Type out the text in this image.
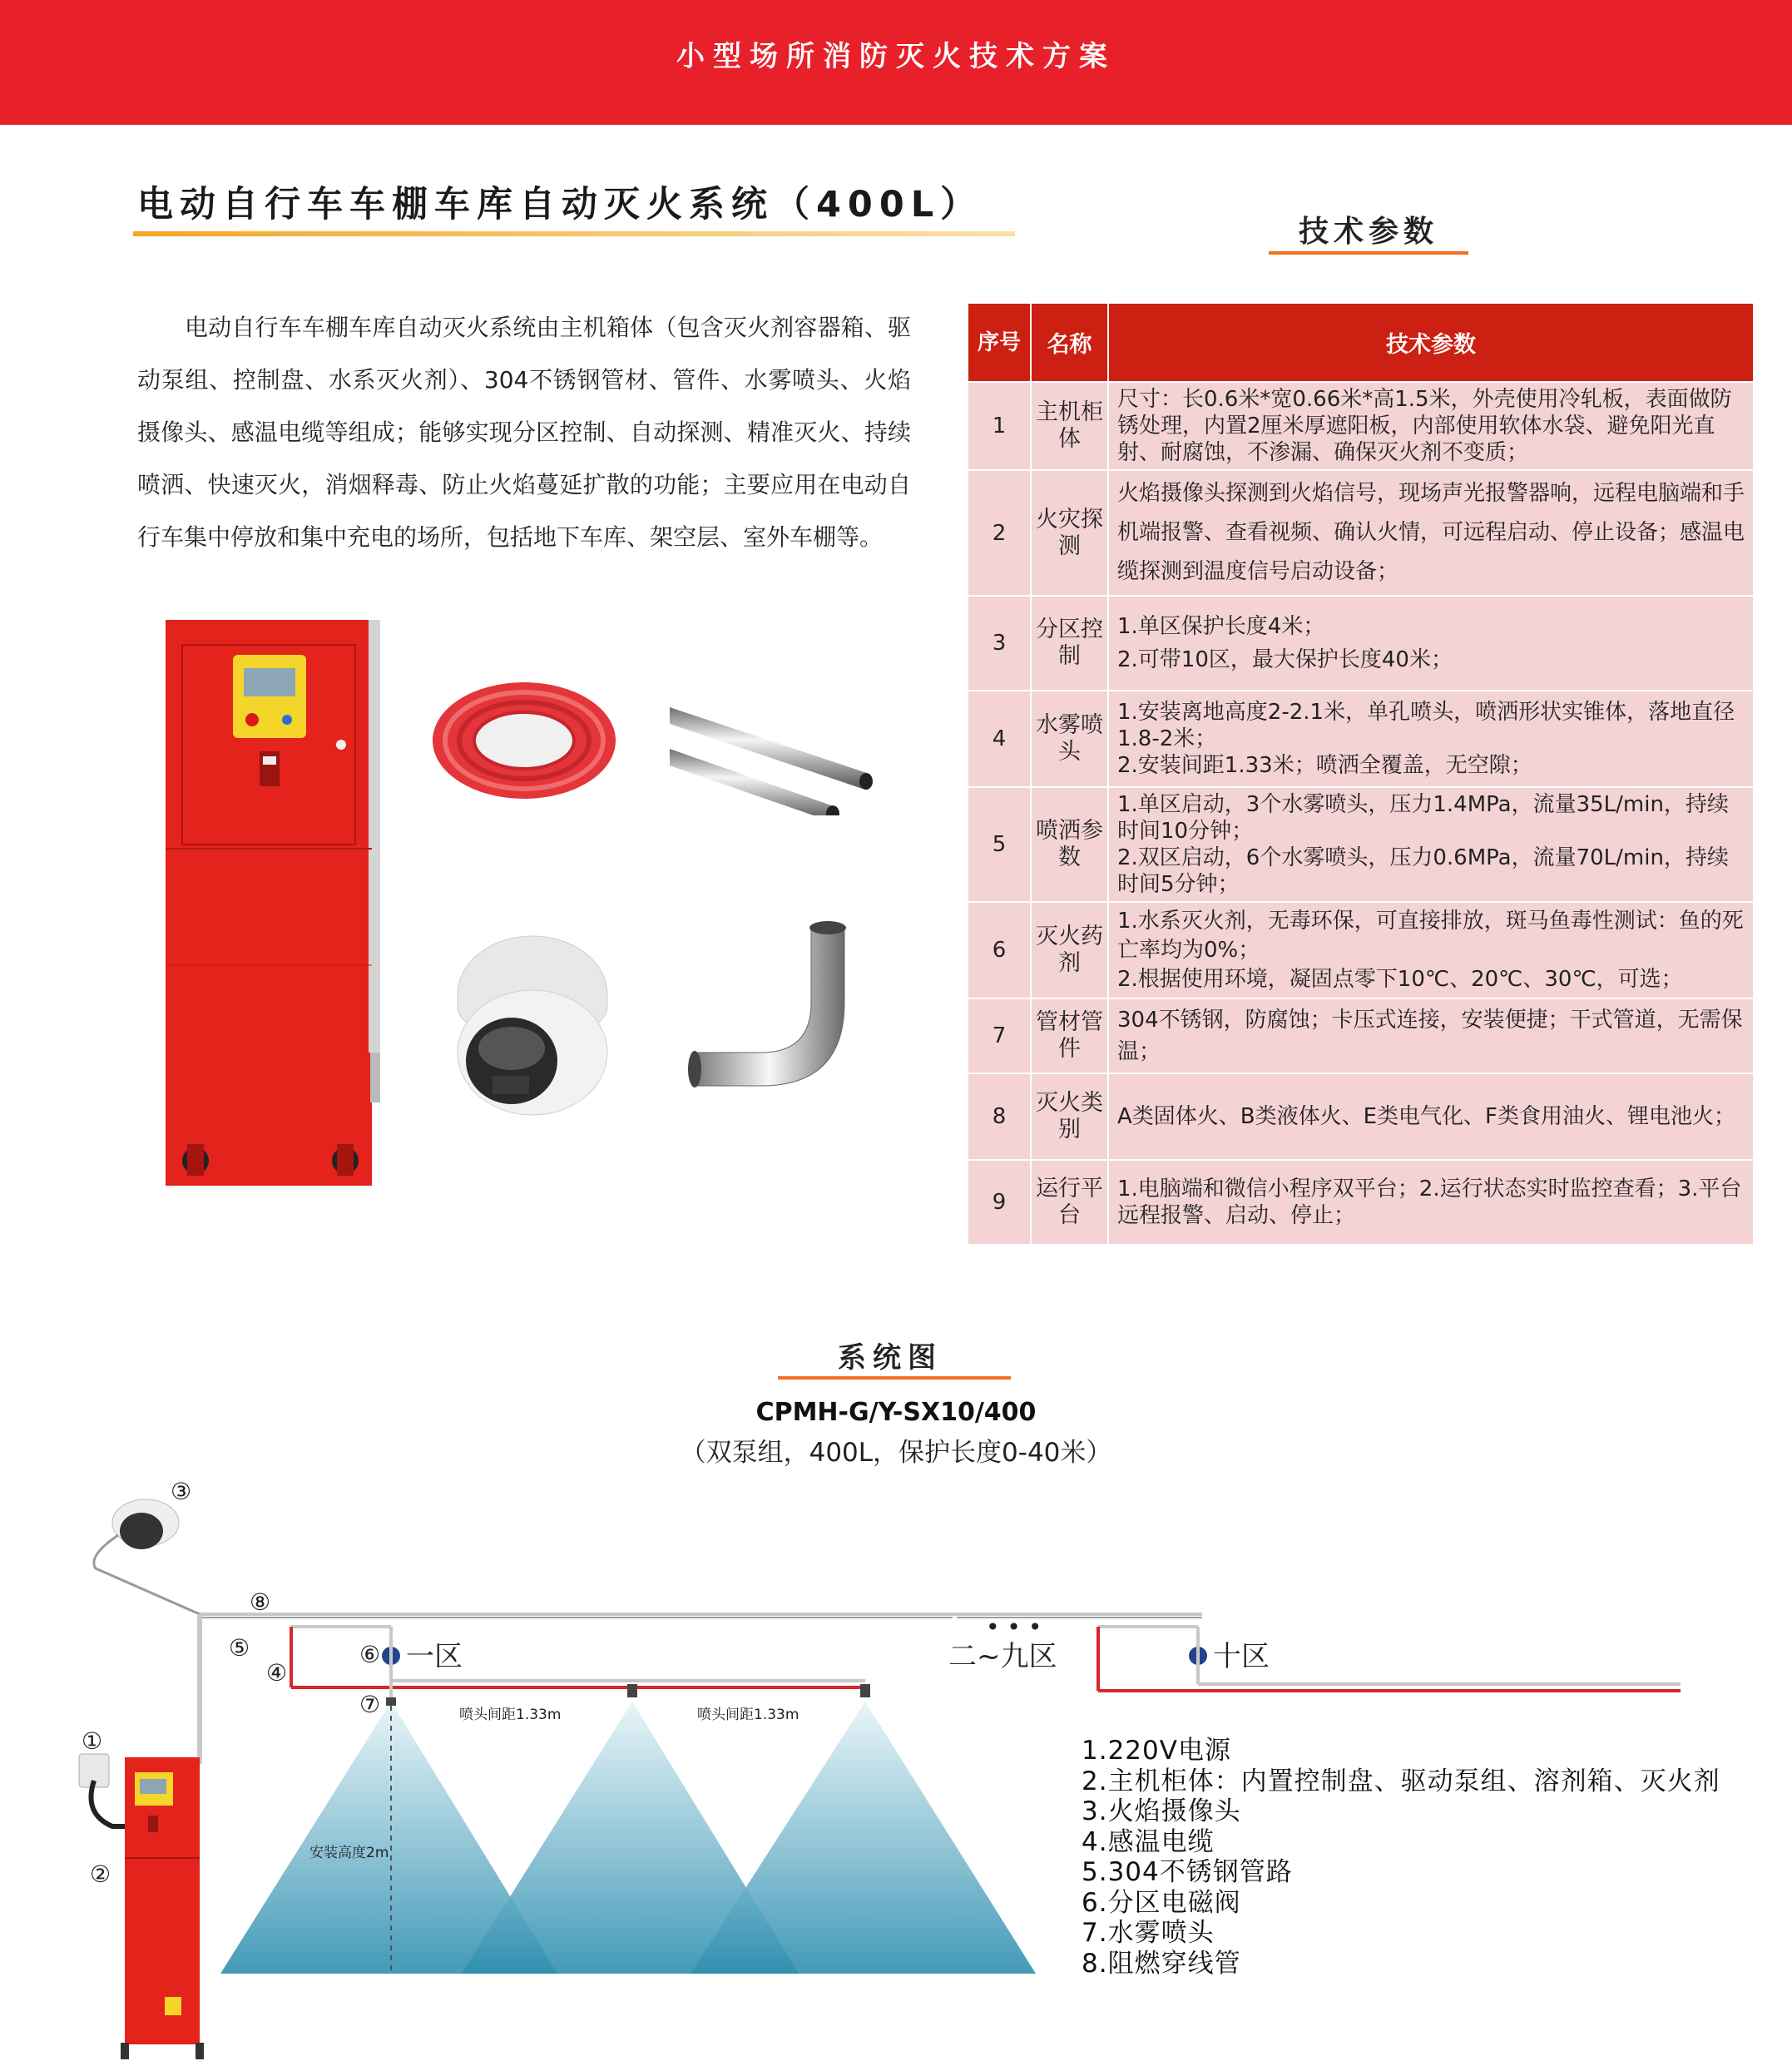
小型场所消防灭火技术方案
电动自行车车棚车库自动灭火系统（400L）

电动自行车车棚车库自动灭火系统由主机箱体（包含灭火剂容器箱、驱动泵组、控制盘、水系灭火剂）、304不锈钢管材、管件、水雾喷头、火焰摄像头、感温电缆等组成；能够实现分区控制、自动探测、精准灭火、持续喷洒、快速灭火，消烟释毒、防止火焰蔓延扩散的功能；主要应用在电动自行车集中停放和集中充电的场所，包括地下车库、架空层、室外车棚等。

技术参数
序号	名称	技术参数
1	主机柜体	尺寸：长0.6米*宽0.66米*高1.5米，外壳使用冷轧板，表面做防锈处理，内置2厘米厚遮阳板，内部使用软体水袋、避免阳光直射、耐腐蚀，不渗漏、确保灭火剂不变质；
2	火灾探测	火焰摄像头探测到火焰信号，现场声光报警器响，远程电脑端和手机端报警、查看视频、确认火情，可远程启动、停止设备；感温电缆探测到温度信号启动设备；
3	分区控制	1.单区保护长度4米；
2.可带10区，最大保护长度40米；
4	水雾喷头	1.安装离地高度2-2.1米，单孔喷头，喷洒形状实锥体，落地直径1.8-2米；
2.安装间距1.33米；喷洒全覆盖，无空隙；
5	喷洒参数	1.单区启动，3个水雾喷头，压力1.4MPa，流量35L/min，持续时间10分钟；
2.双区启动，6个水雾喷头，压力0.6MPa，流量70L/min，持续时间5分钟；
6	灭火药剂	1.水系灭火剂，无毒环保，可直接排放，斑马鱼毒性测试：鱼的死亡率均为0%；
2.根据使用环境，凝固点零下10℃、20℃、30℃，可选；
7	管材管件	304不锈钢，防腐蚀；卡压式连接，安装便捷；干式管道，无需保温；
8	灭火类别	A类固体火、B类液体火、E类电气化、F类食用油火、锂电池火；
9	运行平台	1.电脑端和微信小程序双平台；2.运行状态实时监控查看；3.平台远程报警、启动、停止；
系统图
CPMH-G/Y-SX10/400
（双泵组，400L，保护长度0-40米）
③
⑧
⑤
④
⑥
⑦
①
②
一区	二~九区
• • •
十区
喷头间距1.33m	喷头间距1.33m
安装高度2m
1.220V电源
2.主机柜体：内置控制盘、驱动泵组、溶剂箱、灭火剂
3.火焰摄像头
4.感温电缆
5.304不锈钢管路
6.分区电磁阀
7.水雾喷头
8.阻燃穿线管
